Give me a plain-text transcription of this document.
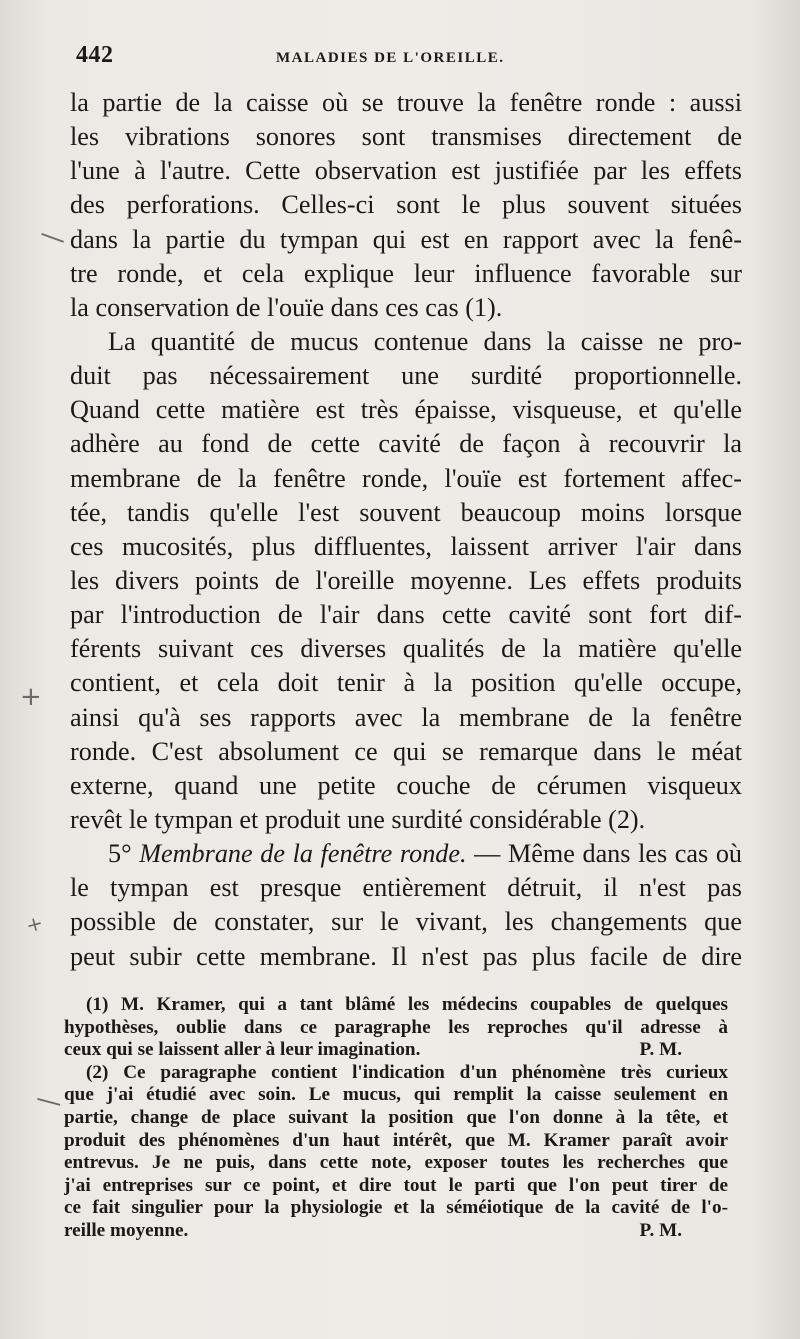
442	MALADIES DE L'OREILLE.
—
+
+
—
la partie de la caisse où se trouve la fenêtre ronde : aussi
les vibrations sonores sont transmises directement de
l'une à l'autre. Cette observation est justifiée par les effets
des perforations. Celles-ci sont le plus souvent situées
dans la partie du tympan qui est en rapport avec la fenê-
tre ronde, et cela explique leur influence favorable sur
la conservation de l'ouïe dans ces cas (1).
La quantité de mucus contenue dans la caisse ne pro-
duit pas nécessairement une surdité proportionnelle.
Quand cette matière est très épaisse, visqueuse, et qu'elle
adhère au fond de cette cavité de façon à recouvrir la
membrane de la fenêtre ronde, l'ouïe est fortement affec-
tée, tandis qu'elle l'est souvent beaucoup moins lorsque
ces mucosités, plus diffluentes, laissent arriver l'air dans
les divers points de l'oreille moyenne. Les effets produits
par l'introduction de l'air dans cette cavité sont fort dif-
férents suivant ces diverses qualités de la matière qu'elle
contient, et cela doit tenir à la position qu'elle occupe,
ainsi qu'à ses rapports avec la membrane de la fenêtre
ronde. C'est absolument ce qui se remarque dans le méat
externe, quand une petite couche de cérumen visqueux
revêt le tympan et produit une surdité considérable (2).
5° Membrane de la fenêtre ronde. — Même dans les cas où
le tympan est presque entièrement détruit, il n'est pas
possible de constater, sur le vivant, les changements que
peut subir cette membrane. Il n'est pas plus facile de dire
(1) M. Kramer, qui a tant blâmé les médecins coupables de quelques
hypothèses, oublie dans ce paragraphe les reproches qu'il adresse à
ceux qui se laissent aller à leur imagination.	P. M.
(2) Ce paragraphe contient l'indication d'un phénomène très curieux
que j'ai étudié avec soin. Le mucus, qui remplit la caisse seulement en
partie, change de place suivant la position que l'on donne à la tête, et
produit des phénomènes d'un haut intérêt, que M. Kramer paraît avoir
entrevus. Je ne puis, dans cette note, exposer toutes les recherches que
j'ai entreprises sur ce point, et dire tout le parti que l'on peut tirer de
ce fait singulier pour la physiologie et la séméiotique de la cavité de l'o-
reille moyenne.	P. M.
